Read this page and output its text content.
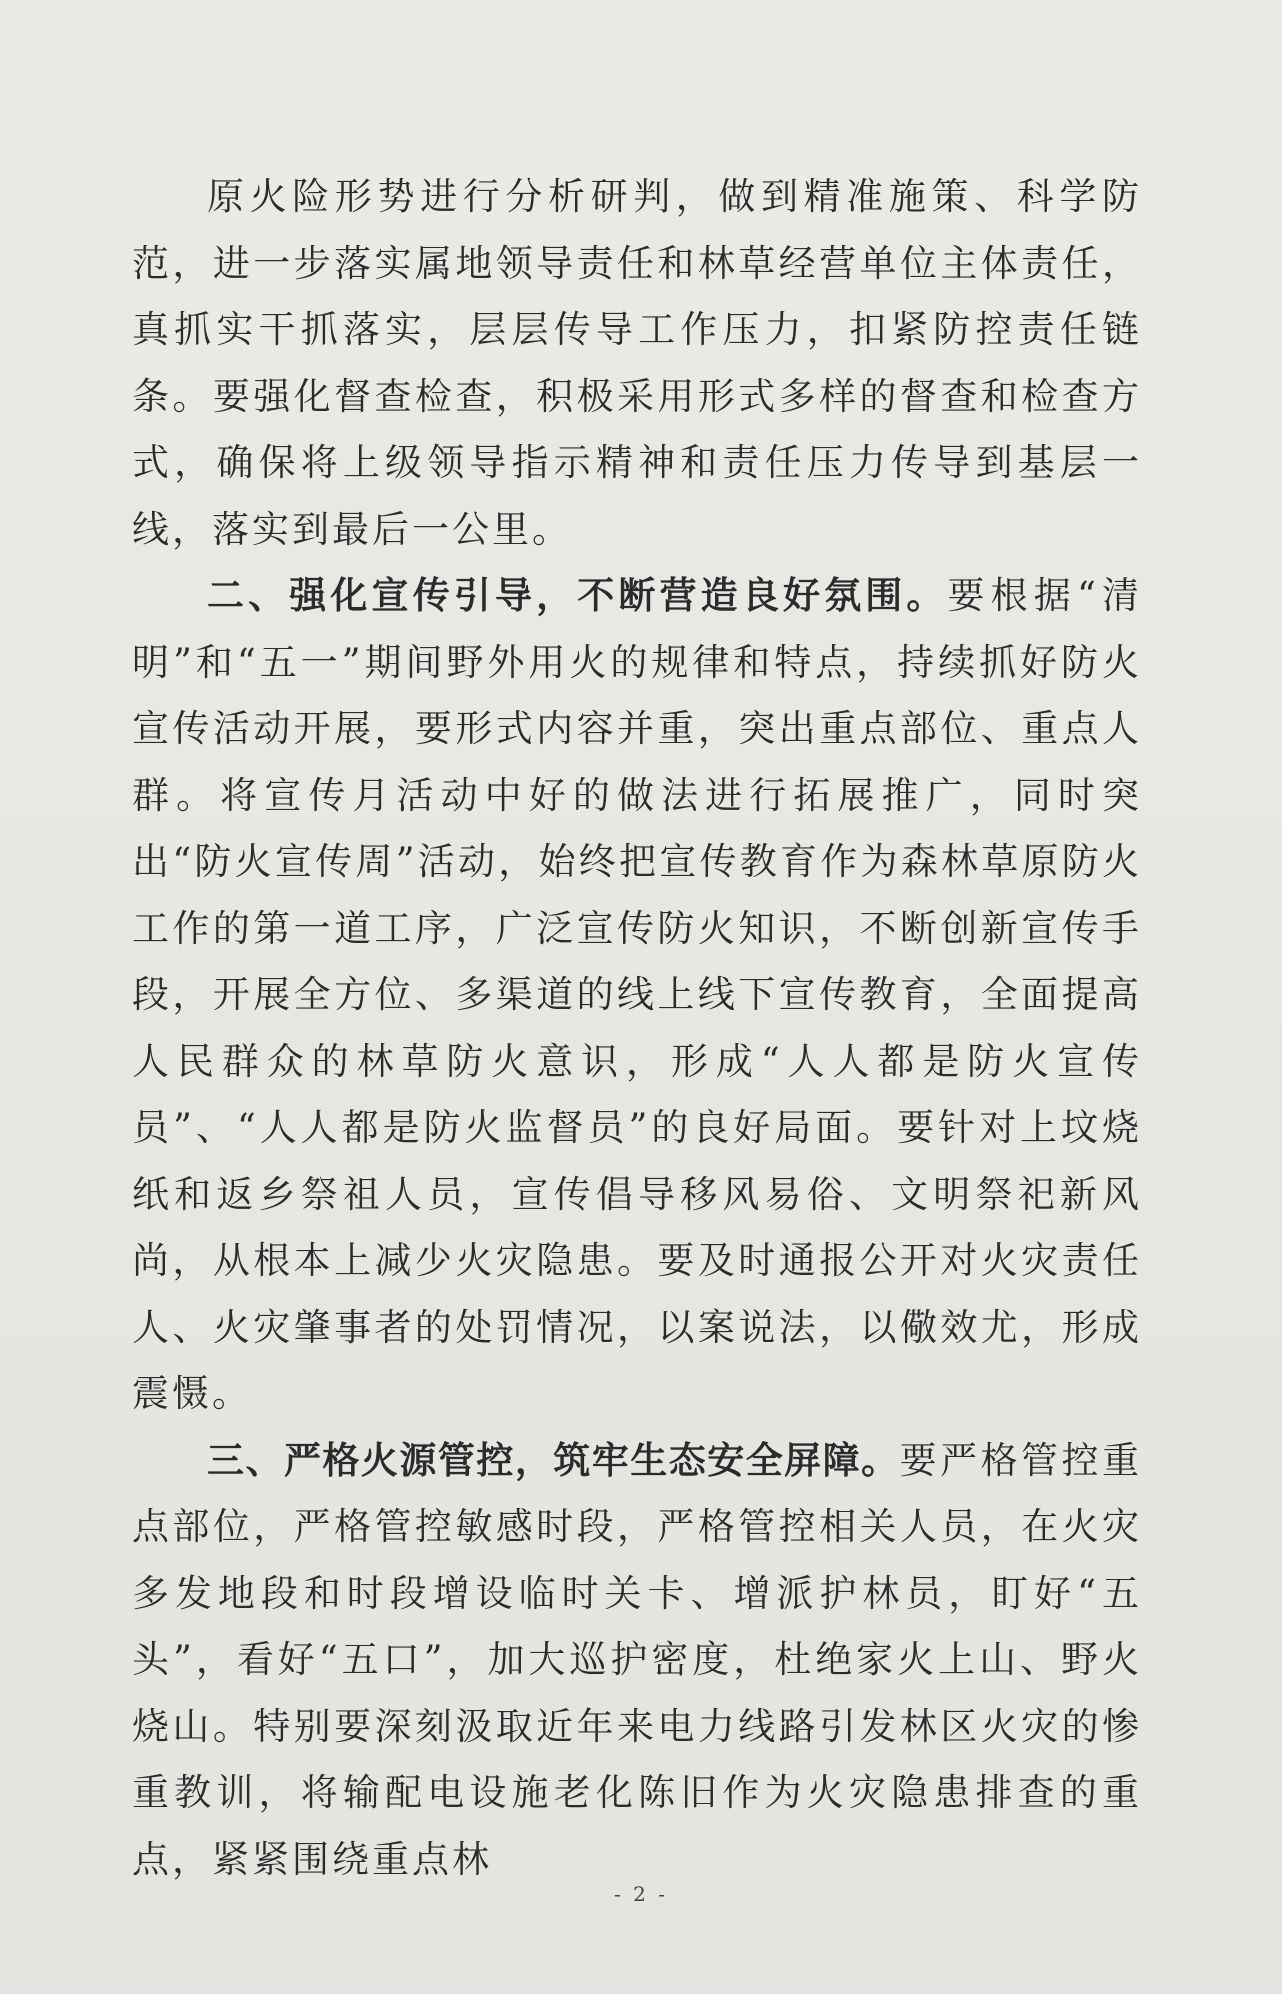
原火险形势进行分析研判，做到精准施策、科学防范，进一步落实属地领导责任和林草经营单位主体责任，真抓实干抓落实，层层传导工作压力，扣紧防控责任链条。要强化督查检查，积极采用形式多样的督查和检查方式，确保将上级领导指示精神和责任压力传导到基层一线，落实到最后一公里。

二、强化宣传引导，不断营造良好氛围。要根据“清明”和“五一”期间野外用火的规律和特点，持续抓好防火宣传活动开展，要形式内容并重，突出重点部位、重点人群。将宣传月活动中好的做法进行拓展推广，同时突出“防火宣传周”活动，始终把宣传教育作为森林草原防火工作的第一道工序，广泛宣传防火知识，不断创新宣传手段，开展全方位、多渠道的线上线下宣传教育，全面提高人民群众的林草防火意识，形成“人人都是防火宣传员”、“人人都是防火监督员”的良好局面。要针对上坟烧纸和返乡祭祖人员，宣传倡导移风易俗、文明祭祀新风尚，从根本上减少火灾隐患。要及时通报公开对火灾责任人、火灾肇事者的处罚情况，以案说法，以儆效尤，形成震慑。

三、严格火源管控，筑牢生态安全屏障。要严格管控重点部位，严格管控敏感时段，严格管控相关人员，在火灾多发地段和时段增设临时关卡、增派护林员，盯好“五头”，看好“五口”，加大巡护密度，杜绝家火上山、野火烧山。特别要深刻汲取近年来电力线路引发林区火灾的惨重教训，将输配电设施老化陈旧作为火灾隐患排查的重点，紧紧围绕重点林

- 2 -
